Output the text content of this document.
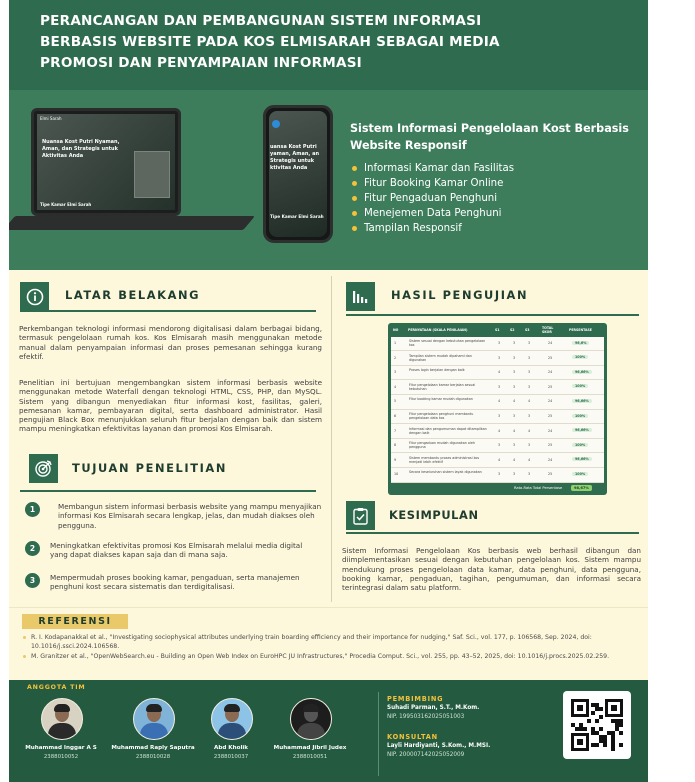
PERANCANGAN DAN PEMBANGUNAN SISTEM INFORMASI BERBASIS WEBSITE PADA KOS ELMISARAH SEBAGAI MEDIA PROMOSI DAN PENYAMPAIAN INFORMASI
Elmi Sarah
Nuansa Kost Putri Nyaman, Aman, dan Strategis untuk Aktivitas Anda
Tipe Kamar Elmi Sarah
uansa Kost Putri yaman, Aman, an Strategis untuk ktivitas Anda
Tipe Kamar Elmi Sarah
Sistem Informasi Pengelolaan Kost Berbasis Website Responsif
Informasi Kamar dan Fasilitas
Fitur Booking Kamar Online
Fitur Pengaduan Penghuni
Menejemen Data Penghuni
Tampilan Responsif
LATAR BELAKANG
Perkembangan teknologi informasi mendorong digitalisasi dalam berbagai bidang, termasuk pengelolaan rumah kos. Kos Elmisarah masih menggunakan metode manual dalam penyampaian informasi dan proses pemesanan sehingga kurang efektif.
Penelitian ini bertujuan mengembangkan sistem informasi berbasis website menggunakan metode Waterfall dengan teknologi HTML, CSS, PHP, dan MySQL. Sistem yang dibangun menyediakan fitur informasi kost, fasilitas, galeri, pemesanan kamar, pembayaran digital, serta dashboard administrator. Hasil pengujian Black Box menunjukkan seluruh fitur berjalan dengan baik dan sistem mampu meningkatkan efektivitas layanan dan promosi Kos Elmisarah.
TUJUAN PENELITIAN
1	Membangun sistem informasi berbasis website yang mampu menyajikan informasi Kos Elmisarah secara lengkap, jelas, dan mudah diakses oleh pengguna.
2	Meningkatkan efektivitas promosi Kos Elmisarah melalui media digital yang dapat diakses kapan saja dan di mana saja.
3	Mempermudah proses booking kamar, pengaduan, serta manajemen penghuni kost secara sistematis dan terdigitalisasi.
HASIL PENGUJIAN
NO	PERNYATAAN (SKALA PENILAIAN)	S1	S2	S3	TOTAL SKOR	PERSENTASE
1	Sistem sesuai dengan kebutuhan pengelolaan kos	3	3	3	24	96,6%
2	Tampilan sistem mudah dipahami dan digunakan	3	3	3	25	100%
3	Proses login berjalan dengan baik	4	3	3	24	96,66%
4	Fitur pengelolaan kamar berjalan sesuai kebutuhan	3	3	3	25	100%
5	Fitur booking kamar mudah digunakan	4	4	4	24	96,66%
6	Fitur pengelolaan penghuni membantu pengelolaan data kos	3	3	3	25	100%
7	Informasi dan pengumuman dapat ditampilkan dengan baik	4	4	4	24	96,66%
8	Fitur pengaduan mudah digunakan oleh pengguna	3	3	3	25	100%
9	Sistem membantu proses administrasi kos menjadi lebih efektif	4	4	4	24	96,66%
10	Secara keseluruhan sistem layak digunakan	3	3	3	25	100%
Rata-Rata Total Persentase	98,67%
KESIMPULAN
Sistem Informasi Pengelolaan Kos berbasis web berhasil dibangun dan diimplementasikan sesuai dengan kebutuhan pengelolaan kos. Sistem mampu mendukung proses pengelolaan data kamar, data penghuni, data pengguna, booking kamar, pengaduan, tagihan, pengumuman, dan informasi secara terintegrasi dalam satu platform.
REFERENSI
R. I. Kodapanakkal et al., "Investigating sociophysical attributes underlying train boarding efficiency and their importance for nudging," Saf. Sci., vol. 177, p. 106568, Sep. 2024, doi: 10.1016/j.ssci.2024.106568.
M. Granitzer et al., "OpenWebSearch.eu - Building an Open Web Index on EuroHPC JU Infrastructures," Procedia Comput. Sci., vol. 255, pp. 43–52, 2025, doi: 10.1016/j.procs.2025.02.259.
ANGGOTA TIM
Muhammad Inggar A S
2388010052
Muhammad Raply Saputra
2388010028
Abd Kholik
2388010037
Muhammad Jibril Judex
2388010051
PEMBIMBING
Suhadi Parman, S.T., M.Kom.
NIP. 199503162025051003
KONSULTAN
Layli Hardiyanti, S.Kom., M.MSI.
NIP. 200007142025052009
